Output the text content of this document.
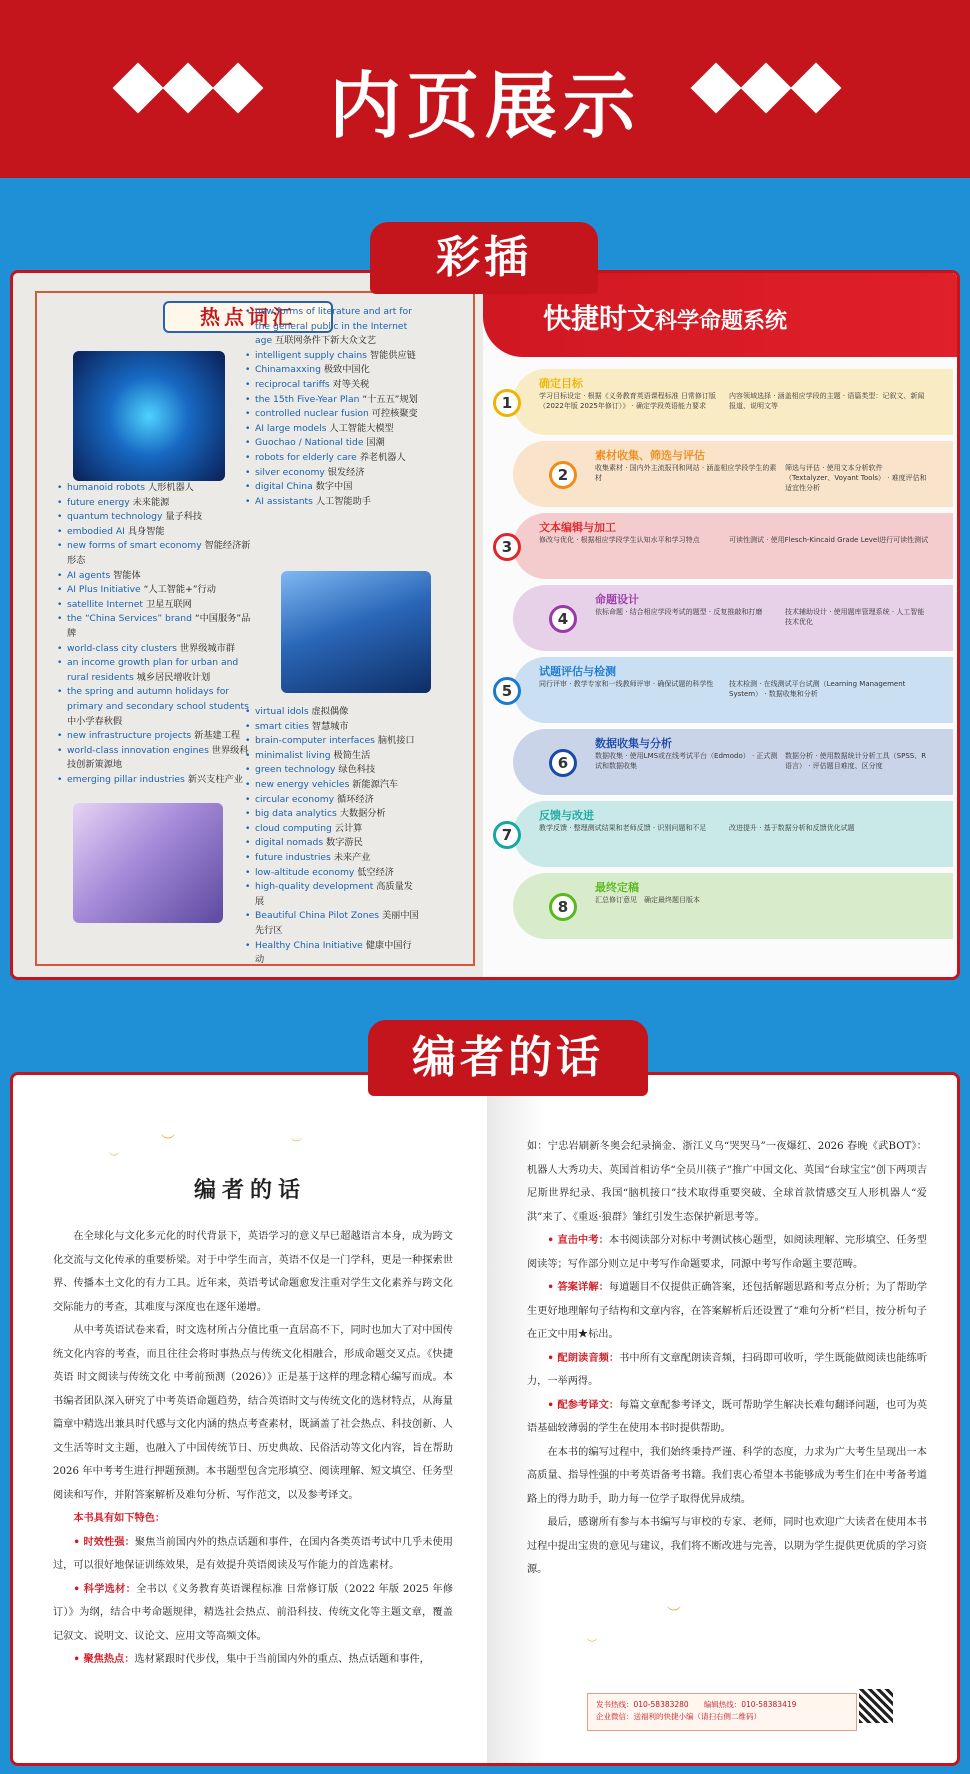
内页展示
热点词汇
• humanoid robots 人形机器人
• future energy 未来能源
• quantum technology 量子科技
• embodied AI 具身智能
• new forms of smart economy 智能经济新形态
• AI agents 智能体
• AI Plus Initiative “人工智能+”行动
• satellite Internet 卫星互联网
• the “China Services” brand “中国服务”品牌
• world-class city clusters 世界级城市群
• an income growth plan for urban and rural residents 城乡居民增收计划
• the spring and autumn holidays for primary and secondary school students 中小学春秋假
• new infrastructure projects 新基建工程
• world-class innovation engines 世界级科技创新策源地
• emerging pillar industries 新兴支柱产业
• new forms of literature and art for the general public in the Internet age 互联网条件下新大众文艺
• intelligent supply chains 智能供应链
• Chinamaxxing 极致中国化
• reciprocal tariffs 对等关税
• the 15th Five-Year Plan “十五五”规划
• controlled nuclear fusion 可控核聚变
• AI large models 人工智能大模型
• Guochao / National tide 国潮
• robots for elderly care 养老机器人
• silver economy 银发经济
• digital China 数字中国
• AI assistants 人工智能助手
• virtual idols 虚拟偶像
• smart cities 智慧城市
• brain-computer interfaces 脑机接口
• minimalist living 极简生活
• green technology 绿色科技
• new energy vehicles 新能源汽车
• circular economy 循环经济
• big data analytics 大数据分析
• cloud computing 云计算
• digital nomads 数字游民
• future industries 未来产业
• low-altitude economy 低空经济
• high-quality development 高质量发展
• Beautiful China Pilot Zones 美丽中国先行区
• Healthy China Initiative 健康中国行动
快捷时文科学命题系统
1
确定目标
学习目标设定 · 根据《义务教育英语课程标准 日常修订版（2022年版 2025年修订）》 · 确定学段英语能力要求
内容领域选择 · 涵盖相应学段的主题 · 语篇类型：记叙文、新闻报道、说明文等
2
素材收集、筛选与评估
收集素材 · 国内外主流报刊和网站 · 涵盖相应学段学生的素材
筛选与评估 · 使用文本分析软件（Textalyzer、Voyant Tools） · 难度评估和适宜性分析
3
文本编辑与加工
修改与优化 · 根据相应学段学生认知水平和学习特点	可读性测试 · 使用Flesch-Kincaid Grade Level进行可读性测试
4
命题设计
依标命题 · 结合相应学段考试的题型 · 反复推敲和打磨	技术辅助设计 · 使用题库管理系统 · 人工智能技术优化
5
试题评估与检测
同行评审 · 教学专家和一线教师评审 · 确保试题的科学性	技术检测 · 在线测试平台试测（Learning Management System） · 数据收集和分析
6
数据收集与分析
数据收集 · 使用LMS或在线考试平台（Edmodo） · 正式测试和数据收集
数据分析 · 使用数据统计分析工具（SPSS、R语言） · 评估题目难度、区分度
7
反馈与改进
教学反馈 · 整理测试结果和老师反馈 · 识别问题和不足	改进提升 · 基于数据分析和反馈优化试题
8
最终定稿
汇总修订意见　确定最终题目版本
彩插
︶
︶
︶
编者的话

在全球化与文化多元化的时代背景下，英语学习的意义早已超越语言本身，成为跨文化交流与文化传承的重要桥梁。对于中学生而言，英语不仅是一门学科，更是一种探索世界、传播本土文化的有力工具。近年来，英语考试命题愈发注重对学生文化素养与跨文化交际能力的考查，其难度与深度也在逐年递增。

从中考英语试卷来看，时文选材所占分值比重一直居高不下，同时也加大了对中国传统文化内容的考查，而且往往会将时事热点与传统文化相融合，形成命题交叉点。《快捷英语 时文阅读与传统文化 中考前预测（2026）》正是基于这样的理念精心编写而成。本书编者团队深入研究了中考英语命题趋势，结合英语时文与传统文化的选材特点，从海量篇章中精选出兼具时代感与文化内涵的热点考查素材，既涵盖了社会热点、科技创新、人文生活等时文主题，也融入了中国传统节日、历史典故、民俗活动等文化内容，旨在帮助 2026 年中考考生进行押题预测。本书题型包含完形填空、阅读理解、短文填空、任务型阅读和写作，并附答案解析及难句分析、写作范文，以及参考译文。

本书具有如下特色：

• 时效性强：聚焦当前国内外的热点话题和事件，在国内各类英语考试中几乎未使用过，可以很好地保证训练效果，是有效提升英语阅读及写作能力的首选素材。

• 科学选材：全书以《义务教育英语课程标准 日常修订版（2022 年版 2025 年修订）》为纲，结合中考命题规律，精选社会热点、前沿科技、传统文化等主题文章，覆盖记叙文、说明文、议论文、应用文等高频文体。

• 聚焦热点：选材紧跟时代步伐，集中于当前国内外的重点、热点话题和事件，

如：宁忠岩刷新冬奥会纪录摘金、浙江义乌“哭哭马”一夜爆红、2026 春晚《武BOT》：机器人大秀功夫、英国首相访华“全员川筷子”推广中国文化、英国“台球宝宝”创下两项吉尼斯世界纪录、我国“脑机接口”技术取得重要突破、全球首款情感交互人形机器人“爱洪”来了、《重返·狼群》雏红引发生态保护新思考等。

• 直击中考：本书阅读部分对标中考测试核心题型，如阅读理解、完形填空、任务型阅读等；写作部分则立足中考写作命题要求，同源中考写作命题主要范畴。

• 答案详解：每道题目不仅提供正确答案，还包括解题思路和考点分析；为了帮助学生更好地理解句子结构和文章内容，在答案解析后还设置了“难句分析”栏目，按分析句子在正文中用★标出。

• 配朗读音频：书中所有文章配朗读音频，扫码即可收听，学生既能做阅读也能练听力，一举两得。

• 配参考译文：每篇文章配参考译文，既可帮助学生解决长难句翻译问题，也可为英语基础较薄弱的学生在使用本书时提供帮助。

在本书的编写过程中，我们始终秉持严谨、科学的态度，力求为广大考生呈现出一本高质量、指导性强的中考英语备考书籍。我们衷心希望本书能够成为考生们在中考备考道路上的得力助手，助力每一位学子取得优异成绩。

最后，感谢所有参与本书编写与审校的专家、老师，同时也欢迎广大读者在使用本书过程中提出宝贵的意见与建议，我们将不断改进与完善，以期为学生提供更优质的学习资源。

︶
︶
发书热线：010-58383280　　编辑热线：010-58383419
企业微信：送福利的快捷小编（请扫右侧二维码）
编者的话
